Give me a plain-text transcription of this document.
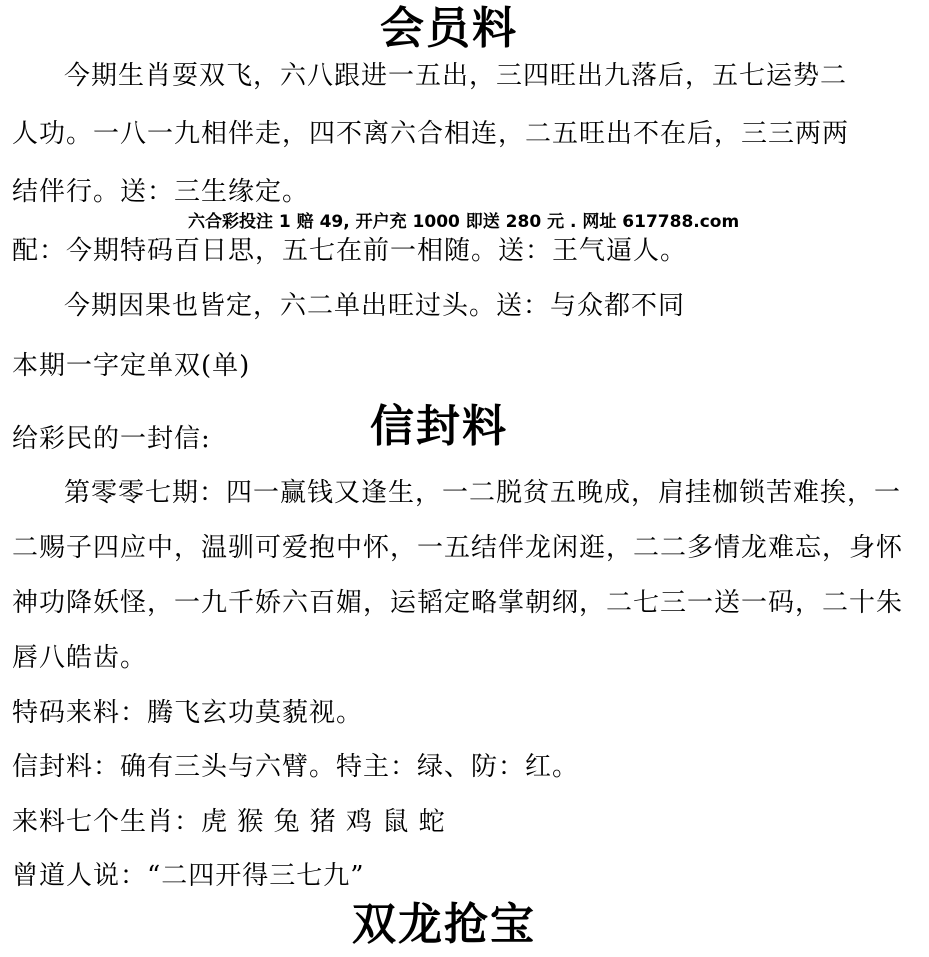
会员料
今期生肖耍双飞，六八跟进一五出，三四旺出九落后，五七运势二
人功。一八一九相伴走，四不离六合相连，二五旺出不在后，三三两两
结伴行。送：三生缘定。
六合彩投注 1 赔 49, 开户充 1000 即送 280 元 . 网址 617788.com
配：今期特码百日思，五七在前一相随。送：王气逼人。
今期因果也皆定，六二单出旺过头。送：与众都不同
本期一字定单双(单)
给彩民的一封信:	信封料
第零零七期：四一赢钱又逢生，一二脱贫五晚成，肩挂枷锁苦难挨，一
二赐子四应中，温驯可爱抱中怀，一五结伴龙闲逛，二二多情龙难忘，身怀
神功降妖怪，一九千娇六百媚，运韬定略掌朝纲，二七三一送一码，二十朱
唇八皓齿。
特码来料：腾飞玄功莫藐视。
信封料：确有三头与六臂。特主：绿、防：红。
来料七个生肖：虎 猴 兔 猪 鸡 鼠 蛇
曾道人说：“二四开得三七九”
双龙抢宝
